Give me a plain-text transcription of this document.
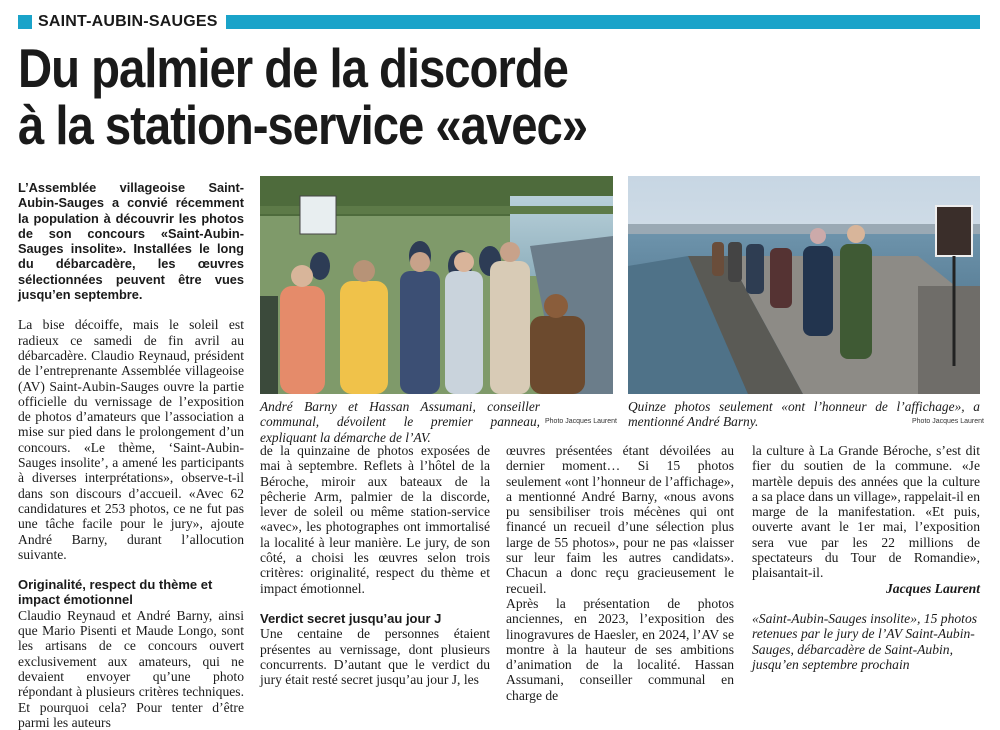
SAINT-AUBIN-SAUGES
Du palmier de la discorde
à la station-service «avec»

L’Assemblée villageoise Saint-Aubin-Sauges a convié récemment la population à découvrir les photos de son concours «Saint-Aubin-Sauges insolite». Installées le long du débarcadère, les œuvres sélectionnées peuvent être vues jusqu’en septembre.

La bise décoiffe, mais le soleil est radieux ce samedi de fin avril au débarcadère. Claudio Reynaud, président de l’entreprenante Assemblée villageoise (AV) Saint-Aubin-Sauges ouvre la partie officielle du vernissage de l’exposition de photos d’amateurs que l’association a mise sur pied dans le prolongement d’un concours. «Le thème, ‘Saint-Aubin-Sauges insolite’, a amené les participants à diverses interprétations», observe-t-il dans son discours d’accueil. «Avec 62 candidatures et 253 photos, ce ne fut pas une tâche facile pour le jury», ajoute André Barny, durant l’allocution suivante.

Originalité, respect du thème et impact émotionnel

Claudio Reynaud et André Barny, ainsi que Mario Pisenti et Maude Longo, sont les artisans de ce concours ouvert exclusivement aux amateurs, qui ne devaient envoyer qu’une photo répondant à plusieurs critères techniques. Et pourquoi cela? Pour tenter d’être parmi les auteurs

Photo Jacques Laurent
André Barny et Hassan Assumani, conseiller communal, dévoilent le premier panneau, expliquant la démarche de l’AV.
Photo Jacques Laurent
Quinze photos seulement «ont l’honneur de l’affichage», a mentionné André Barny.

de la quinzaine de photos exposées de mai à septembre. Reflets à l’hôtel de la Béroche, miroir aux bateaux de la pêcherie Arm, palmier de la discorde, lever de soleil ou même station-service «avec», les photographes ont immortalisé la localité à leur manière. Le jury, de son côté, a choisi les œuvres selon trois critères: originalité, respect du thème et impact émotionnel.

Verdict secret jusqu’au jour J

Une centaine de personnes étaient présentes au vernissage, dont plusieurs concurrents. D’autant que le verdict du jury était resté secret jusqu’au jour J, les

œuvres présentées étant dévoilées au dernier moment… Si 15 photos seulement «ont l’honneur de l’affichage», a mentionné André Barny, «nous avons pu sensibiliser trois mécènes qui ont financé un recueil d’une sélection plus large de 55 photos», pour ne pas «laisser sur leur faim les autres candidats». Chacun a donc reçu gracieusement le recueil.

Après la présentation de photos anciennes, en 2023, l’exposition des linogravures de Haesler, en 2024, l’AV se montre à la hauteur de ses ambitions d’animation de la localité. Hassan Assumani, conseiller communal en charge de

la culture à La Grande Béroche, s’est dit fier du soutien de la commune. «Je martèle depuis des années que la culture a sa place dans un village», rappelait-il en marge de la manifestation. «Et puis, ouverte avant le 1er mai, l’exposition sera vue par les 22 millions de spectateurs du Tour de Romandie», plaisantait-il.

Jacques Laurent

«Saint-Aubin-Sauges insolite», 15 photos retenues par le jury de l’AV Saint-Aubin-Sauges, débarcadère de Saint-Aubin, jusqu’en septembre prochain
